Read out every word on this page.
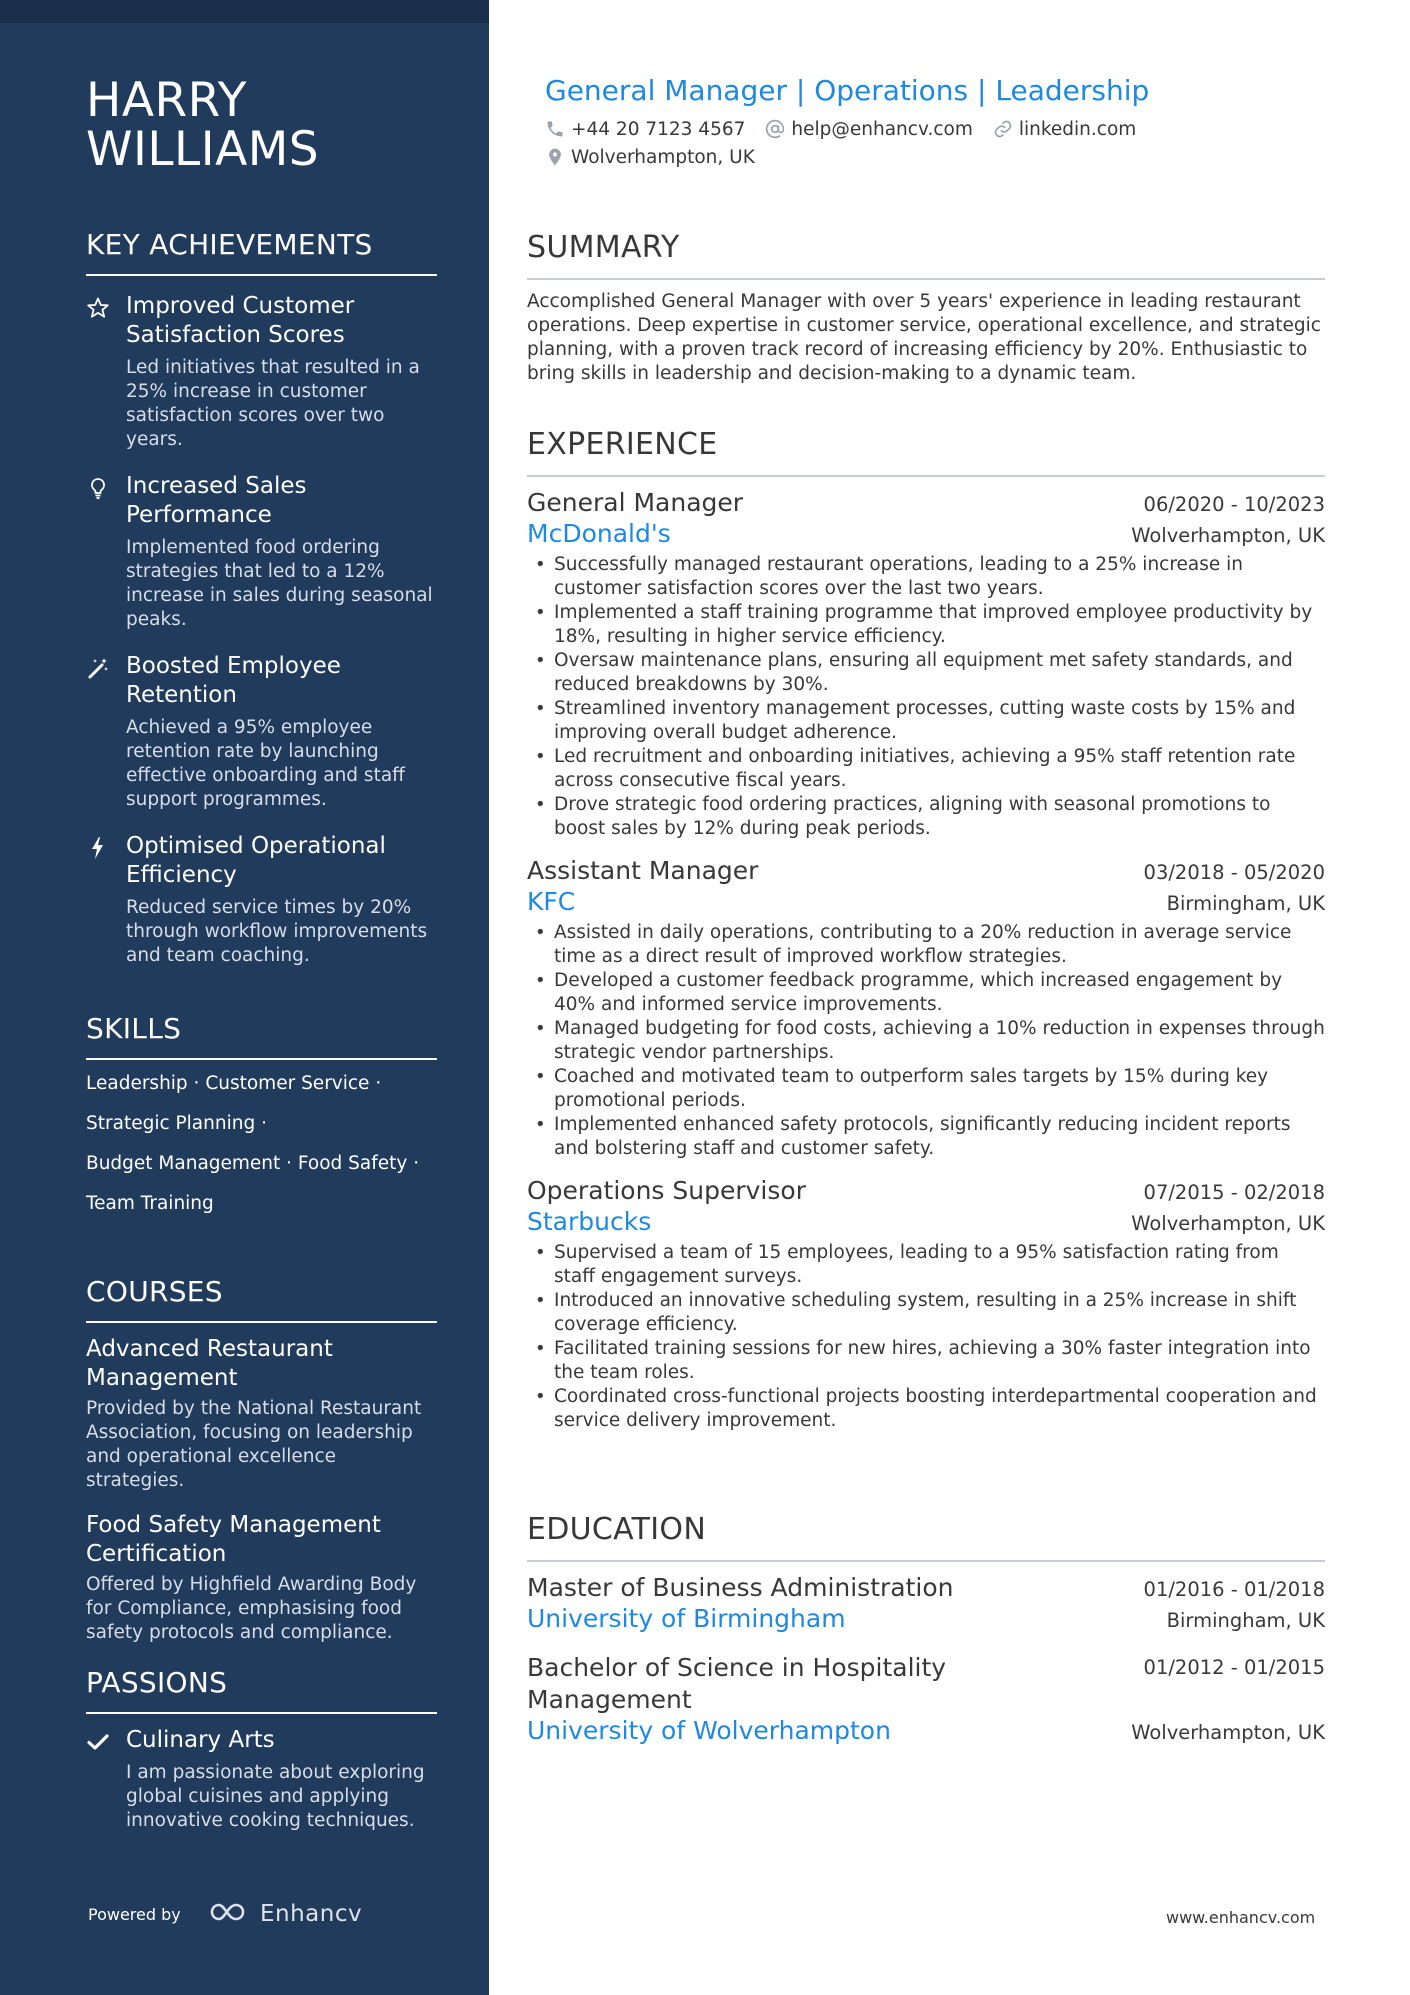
HARRY WILLIAMS
KEY ACHIEVEMENTS
Improved Customer Satisfaction Scores
Led initiatives that resulted in a 25% increase in customer satisfaction scores over two years.
Increased Sales Performance
Implemented food ordering strategies that led to a 12% increase in sales during seasonal peaks.
Boosted Employee Retention
Achieved a 95% employee retention rate by launching effective onboarding and staff support programmes.
Optimised Operational Efficiency
Reduced service times by 20% through workflow improvements and team coaching.
SKILLS
Leadership · Customer Service ·
Strategic Planning ·
Budget Management · Food Safety ·
Team Training
COURSES
Advanced Restaurant Management
Provided by the National Restaurant Association, focusing on leadership and operational excellence strategies.
Food Safety Management Certification
Offered by Highfield Awarding Body for Compliance, emphasising food safety protocols and compliance.
PASSIONS
Culinary Arts
I am passionate about exploring global cuisines and applying innovative cooking techniques.
Powered by	Enhancv
General Manager | Operations | Leadership
+44 20 7123 4567 help@enhancv.com linkedin.com
Wolverhampton, UK
SUMMARY
Accomplished General Manager with over 5 years' experience in leading restaurant operations. Deep expertise in customer service, operational excellence, and strategic planning, with a proven track record of increasing efficiency by 20%. Enthusiastic to bring skills in leadership and decision-making to a dynamic team.
EXPERIENCE
General Manager	06/2020 - 10/2023
McDonald's	Wolverhampton, UK
• Successfully managed restaurant operations, leading to a 25% increase in customer satisfaction scores over the last two years.
• Implemented a staff training programme that improved employee productivity by 18%, resulting in higher service efficiency.
• Oversaw maintenance plans, ensuring all equipment met safety standards, and reduced breakdowns by 30%.
• Streamlined inventory management processes, cutting waste costs by 15% and improving overall budget adherence.
• Led recruitment and onboarding initiatives, achieving a 95% staff retention rate across consecutive fiscal years.
• Drove strategic food ordering practices, aligning with seasonal promotions to boost sales by 12% during peak periods.
Assistant Manager	03/2018 - 05/2020
KFC	Birmingham, UK
• Assisted in daily operations, contributing to a 20% reduction in average service time as a direct result of improved workflow strategies.
• Developed a customer feedback programme, which increased engagement by 40% and informed service improvements.
• Managed budgeting for food costs, achieving a 10% reduction in expenses through strategic vendor partnerships.
• Coached and motivated team to outperform sales targets by 15% during key promotional periods.
• Implemented enhanced safety protocols, significantly reducing incident reports and bolstering staff and customer safety.
Operations Supervisor	07/2015 - 02/2018
Starbucks	Wolverhampton, UK
• Supervised a team of 15 employees, leading to a 95% satisfaction rating from staff engagement surveys.
• Introduced an innovative scheduling system, resulting in a 25% increase in shift coverage efficiency.
• Facilitated training sessions for new hires, achieving a 30% faster integration into the team roles.
• Coordinated cross-functional projects boosting interdepartmental cooperation and service delivery improvement.
EDUCATION
Master of Business Administration	01/2016 - 01/2018
University of Birmingham	Birmingham, UK
Bachelor of Science in Hospitality Management
01/2012 - 01/2015
University of Wolverhampton	Wolverhampton, UK
www.enhancv.com
